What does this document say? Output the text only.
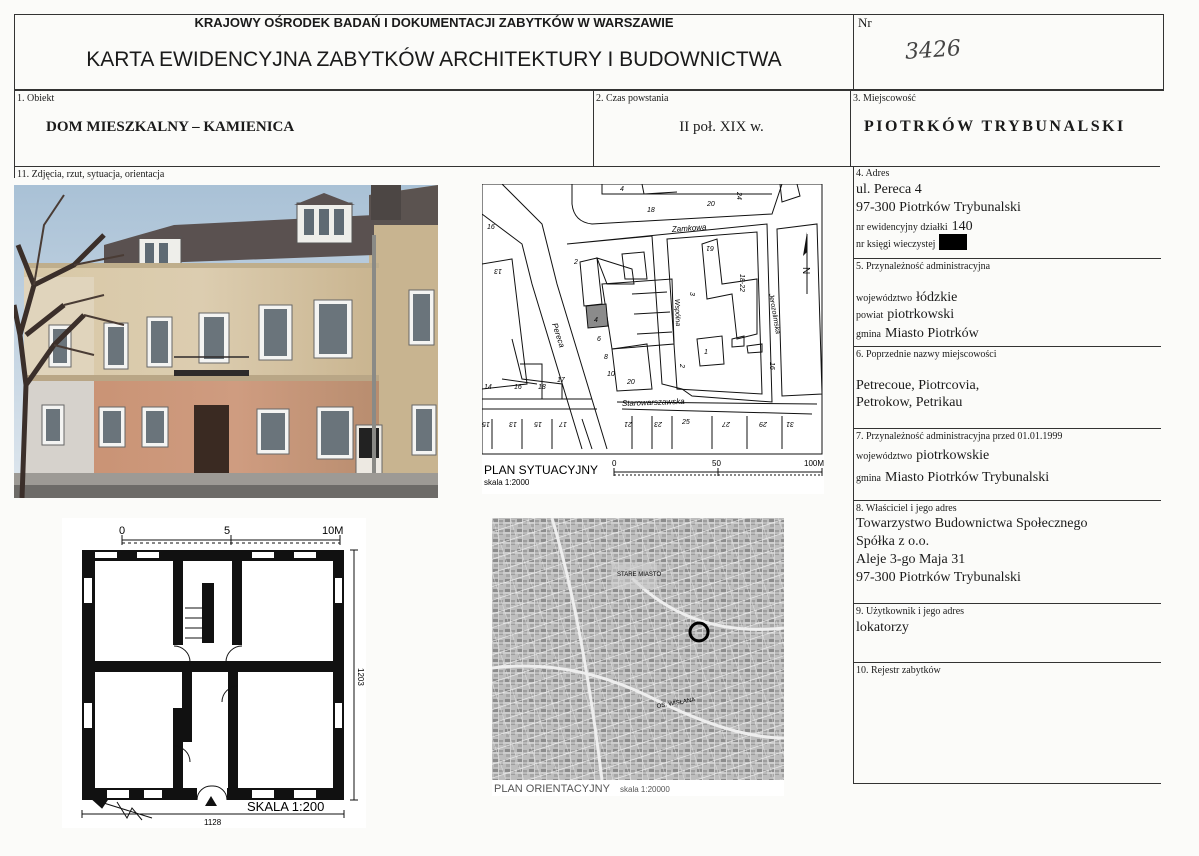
KRAJOWY OŚRODEK BADAŃ I DOKUMENTACJI ZABYTKÓW W WARSZAWIE
KARTA EWIDENCYJNA ZABYTKÓW ARCHITEKTURY I BUDOWNICTWA
Nr
3426
1. Obiekt
DOM MIESZKALNY – KAMIENICA
2. Czas powstania
II poł. XIX w.
3. Miejscowość
PIOTRKÓW TRYBUNALSKI
11. Zdjęcia, rzut, sytuacja, orientacja	4. Adres
ul. Pereca 4
97-300 Piotrków Trybunalski
nr ewidencyjny działki 140
nr księgi wieczystej
5. Przynależność administracyjna
województwo łódzkie
powiat piotrkowski
gmina Miasto Piotrków
6. Poprzednie nazwy miejscowości
Petrecoue, Piotrcovia,
Petrokow, Petrikau
7. Przynależność administracyjna przed 01.01.1999
województwo piotrkowskie
gmina Miasto Piotrków Trybunalski
8. Właściciel i jego adres
Towarzystwo Budownictwa Społecznego
Spółka z o.o.
Aleje 3-go Maja 31
97-300 Piotrków Trybunalski
9. Użytkownik i jego adres
lokatorzy
10. Rejestr zabytków
Zamkowa
Pereca
Starowarszawska
Wspólna	Jerozolimska
4
18
20
24
16
13
14	16 18
17
2
4
6
8
10
20
15	13 15 17	21	23	25	27	29	31
61
3
18-22
1
16
2
N
PLAN SYTUACYJNY
skala 1:2000
0	50	100M
0	5	10M
1128
1203
SKALA 1:200
STARE MIASTO
OS. WISŁANA
PLAN ORIENTACYJNY skala 1:20000
